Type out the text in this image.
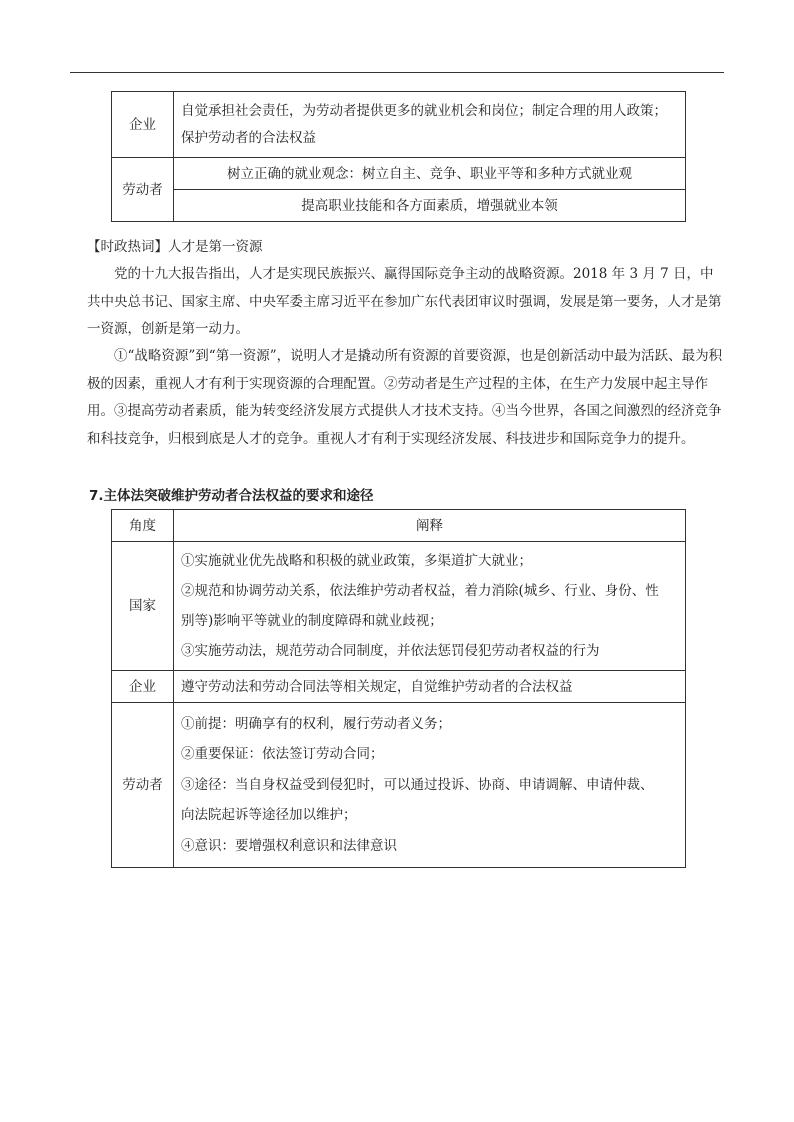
企业	自觉承担社会责任，为劳动者提供更多的就业机会和岗位；制定合理的用人政策；
保护劳动者的合法权益

劳动者	树立正确的就业观念：树立自主、竞争、职业平等和多种方式就业观
	提高职业技能和各方面素质，增强就业本领
【时政热词】人才是第一资源
党的十九大报告指出，人才是实现民族振兴、赢得国际竞争主动的战略资源。2018 年 3 月 7 日，中共中央总书记、国家主席、中央军委主席习近平在参加广东代表团审议时强调，发展是第一要务，人才是第一资源，创新是第一动力。
①“战略资源”到“第一资源”，说明人才是撬动所有资源的首要资源，也是创新活动中最为活跃、最为积极的因素，重视人才有利于实现资源的合理配置。②劳动者是生产过程的主体，在生产力发展中起主导作用。③提高劳动者素质，能为转变经济发展方式提供人才技术支持。④当今世界，各国之间激烈的经济竞争和科技竞争，归根到底是人才的竞争。重视人才有利于实现经济发展、科技进步和国际竞争力的提升。
7.主体法突破维护劳动者合法权益的要求和途径
角度	阐释
国家	①实施就业优先战略和积极的就业政策，多渠道扩大就业；
②规范和协调劳动关系，依法维护劳动者权益，着力消除(城乡、行业、身份、性
别等)影响平等就业的制度障碍和就业歧视；
③实施劳动法，规范劳动合同制度，并依法惩罚侵犯劳动者权益的行为

企业	遵守劳动法和劳动合同法等相关规定，自觉维护劳动者的合法权益
劳动者	①前提：明确享有的权利，履行劳动者义务；
②重要保证：依法签订劳动合同；
③途径：当自身权益受到侵犯时，可以通过投诉、协商、申请调解、申请仲裁、
向法院起诉等途径加以维护；
④意识：要增强权利意识和法律意识
